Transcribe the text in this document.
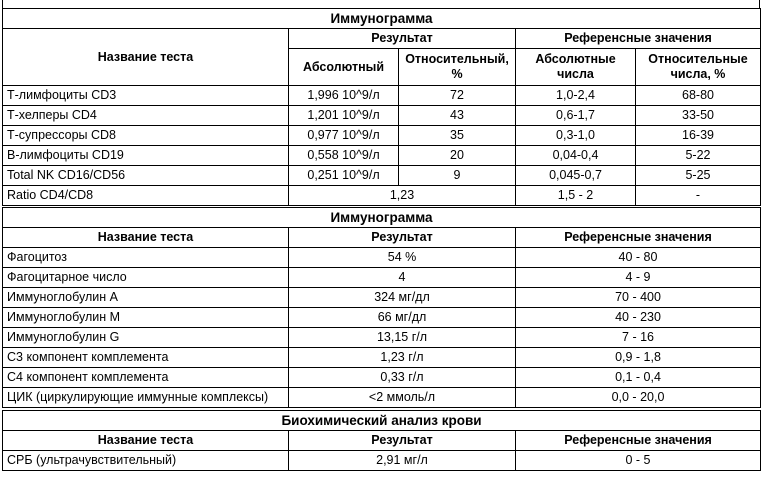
Иммунограмма				
Название теста	Результат		Референсные значения	
	Абсолютный	Относительный, %	Абсолютные числа	Относительные числа, %
Т-лимфоциты CD3	1,996 10^9/л	72	1,0-2,4	68-80
Т-хелперы CD4	1,201 10^9/л	43	0,6-1,7	33-50
Т-супрессоры CD8	0,977 10^9/л	35	0,3-1,0	16-39
В-лимфоциты CD19	0,558 10^9/л	20	0,04-0,4	5-22
Total NK CD16/CD56	0,251 10^9/л	9	0,045-0,7	5-25
Ratio CD4/CD8	1,23		1,5 - 2	-
Иммунограмма		
Название теста	Результат	Референсные значения
Фагоцитоз	54 %	40 - 80
Фагоцитарное число	4	4 - 9
Иммуноглобулин А	324 мг/дл	70 - 400
Иммуноглобулин М	66 мг/дл	40 - 230
Иммуноглобулин G	13,15 г/л	7 - 16
С3 компонент комплемента	1,23 г/л	0,9 - 1,8
С4 компонент комплемента	0,33 г/л	0,1 - 0,4
ЦИК (циркулирующие иммунные комплексы)	<2 ммоль/л	0,0 - 20,0
Биохимический анализ крови		
Название теста	Результат	Референсные значения
СРБ (ультрачувствительный)	2,91 мг/л	0 - 5
